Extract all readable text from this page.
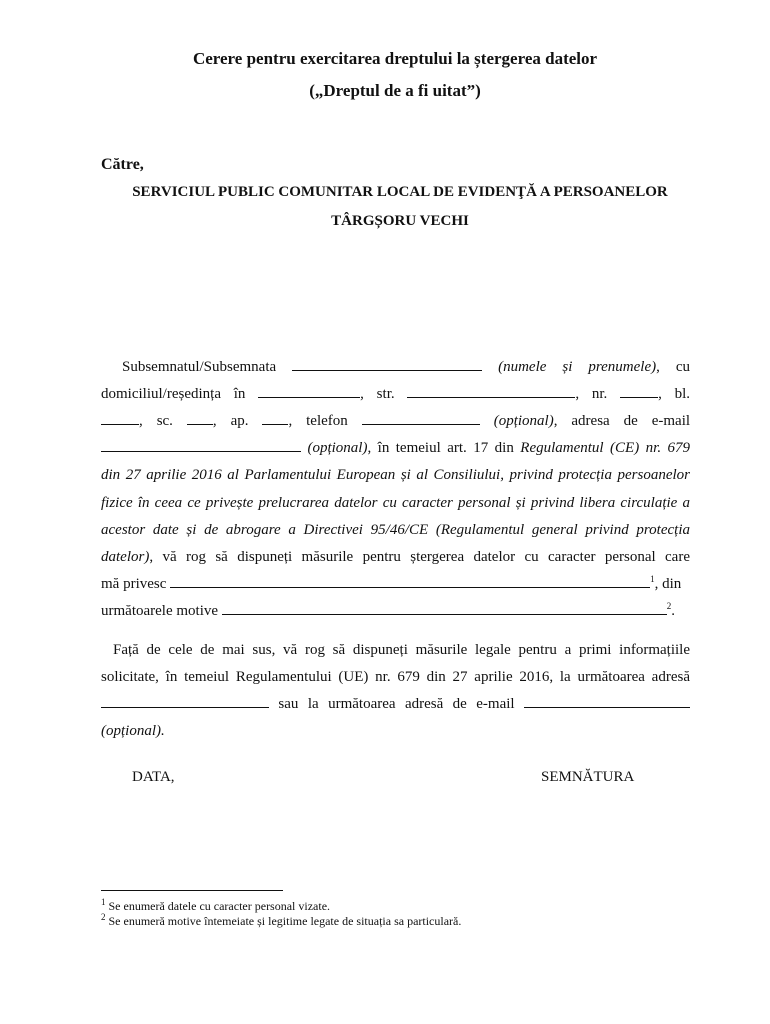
Cerere pentru exercitarea dreptului la ștergerea datelor
(„Dreptul de a fi uitat”)
Către,
SERVICIUL PUBLIC COMUNITAR LOCAL DE EVIDENŢĂ A PERSOANELOR
TÂRGȘORU VECHI
Subsemnatul/Subsemnata	(numele și prenumele), cu
domiciliul/reședința în	, str.	, nr.	, bl.
, sc.	, ap.	, telefon	(opțional), adresa de e-mail
(opțional), în temeiul art. 17 din Regulamentul (CE) nr. 679
din 27 aprilie 2016 al Parlamentului European și al Consiliului, privind protecția persoanelor
fizice în ceea ce privește prelucrarea datelor cu caracter personal și privind libera circulație a
acestor date și de abrogare a Directivei 95/46/CE (Regulamentul general privind protecția
datelor), vă rog să dispuneți măsurile pentru ștergerea datelor cu caracter personal care
mă privesc	$^1$, din
următoarele motive	$^2$.
Față de cele de mai sus, vă rog să dispuneți măsurile legale pentru a primi informațiile
solicitate, în temeiul Regulamentului (UE) nr. 679 din 27 aprilie 2016, la următoarea adresă
sau la următoarea adresă de e-mail
(opțional).
DATA,	SEMNĂTURA
$^1$ Se enumeră datele cu caracter personal vizate.
$^2$ Se enumeră motive întemeiate și legitime legate de situația sa particulară.
